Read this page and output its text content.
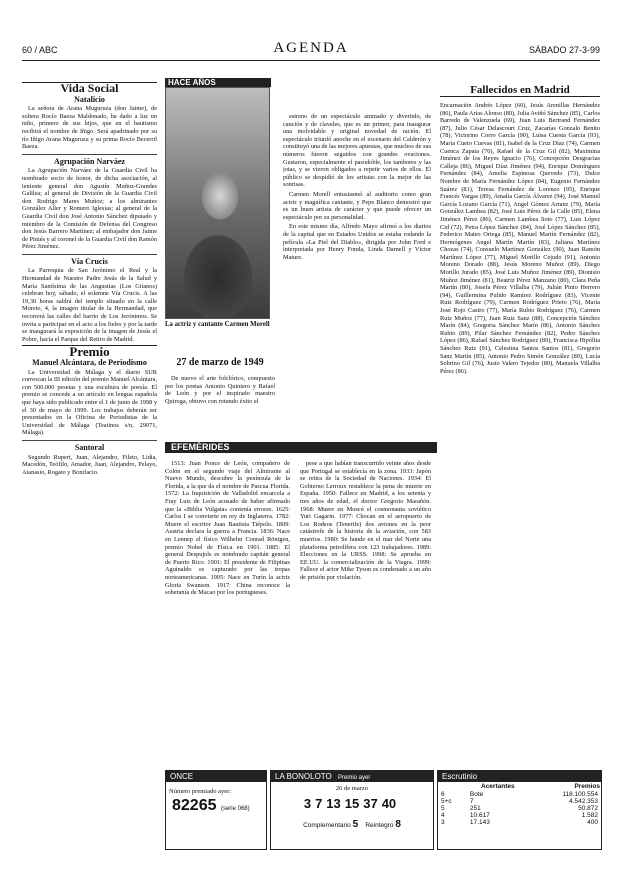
60 / ABC	AGENDA	SÁBADO 27-3-99
Vida Social
Natalicio

La señora de Arana Muguruza (don Jaime), de soltera Rocío Baeza Maldonado, ha dado a luz un niño, primero de sus hijos, que en el bautismo recibirá el nombre de Iñigo. Será apadrinado por su tío Iñigo Arana Muguruza y su prima Rocío Becerril Baeza.

Agrupación Narváez

La Agrupación Narváez de la Guardia Civil ha nombrado socio de honor, de dicha asociación, al teniente general don Agustín Muñoz-Grandes Galilea; al general de División de la Guardia Civil don Rodrigo Mares Muñoz; a los almirantes González Aller y Romero Iglesias; al general de la Guardia Civil don José Antonio Sánchez diputado y miembro de la Comisión de Defensa del Congreso don Jesús Barrero Martínez; al embajador don Jaime de Piniés y al coronel de la Guardia Civil don Ramón Pérez Jiménez.

Vía Crucis

La Parroquia de San Jerónimo el Real y la Hermandad de Nuestro Padre Jesús de la Salud y María Santísima de las Angustias (Los Gitanos) celebran hoy, sábado, el solemne Vía Crucis. A las 19,30 horas saldrá del templo situado en la calle Moreto, 4, la imagen titular de la Hermandad, que recorrerá las calles del barrio de Los Jerónimos. Se invita a participar en el acto a los fieles y por la tarde se inaugurará la exposición de la imagen de Jesús el Pobre, hacia el Parque del Retiro de Madrid.

Premio
Manuel Alcántara, de Periodismo

La Universidad de Málaga y el diario SUR convocan la III edición del premio Manuel Alcántara, con 500.000 pesetas y una escultura de poesía. El premio se concede a un artículo en lengua española que haya sido publicado entre el 1 de junio de 1998 y el 30 de mayo de 1999. Los trabajos deberán ser presentados en la Oficina de Periodistas de la Universidad de Málaga (Teatinos s/n, 29071, Málaga).

Santoral

Segundo Rupert, Juan, Alejandro, Fileto, Lidia, Macedón, Teófilo, Amador, Juan, Alejandro, Pelayo, Atanasio, Rogato y Bonifacio.

HACE AÑOS
La actriz y cantante Carmen Morell
27 de marzo de 1949

De nuevo el arte folclórico, compuesto por los poetas Antonio Quintero y Rafael de León y por el inspirado maestro Quiroga, obtuvo con rotundo éxito el

estreno de un espectáculo animado y divertido, de canción y de claveles, que es un primor, para inaugurar una inolvidable y original novedad de ración. El espectáculo triunfó anoche en el escenario del Calderón y constituyó una de las mejores apuestas, que muchos de sus números fueron seguidos con grandes ovaciones. Gustaron, especialmente el pasodoble, los tambores y las jotas, y se vieron obligados a repetir varios de ellos. El público se despidió de los artistas con la mejor de las sonrisas.

Carmen Morell entusiasmó al auditorio como gran actriz y magnífica cantante, y Pepe Blanco demostró que es un buen artista de carácter y que puede ofrecer un espectáculo por su personalidad.

En este mismo día, Alfredo Mayo afirmó a los diarios de la capital que en Estados Unidos se estaba rodando la película «La Piel del Diablo», dirigida por John Ford e interpretada por Henry Fonda, Linda Darnell y Víctor Mature.

EFEMÉRIDES

1513: Juan Ponce de León, compañero de Colón en el segundo viaje del Almirante al Nuevo Mundo, descubre la península de la Florida, a la que da el nombre de Pascua Florida. 1572: La Inquisición de Valladolid encarcela a Fray Luis de León acusado de haber afirmado que la «Biblia Vulgata» contenía errores. 1625: Carlos I se convierte en rey de Inglaterra. 1782: Muere el escritor Juan Bautista Tiépolo. 1809: Austria declara la guerra a Francia. 1836: Nace en Lennep el físico Wilhelm Conrad Röntgen, premio Nobel de Física en 1901. 1885: El general Despujols es nombrado capitán general de Puerto Rico. 1901: El presidente de Filipinas Aguinaldo es capturado por las tropas norteamericanas. 1905: Nace en Turín la actriz Gloria Swanson. 1917: China reconoce la soberanía de Macao por los portugueses.

pese a que habían transcurrido veinte años desde que Portugal se establecía en la zona. 1933: Japón se retira de la Sociedad de Naciones. 1934: El Gobierno Lerroux restablece la pena de muerte en España. 1950: Fallece en Madrid, a los setenta y tres años de edad, el doctor Gregorio Marañón. 1968: Muere en Moscú el cosmonauta soviético Yuri Gagarin. 1977: Chocan en el aeropuerto de Los Rodeos (Tenerife) dos aviones en la peor catástrofe de la historia de la aviación, con 583 muertos. 1980: Se hunde en el mar del Norte una plataforma petrolífera con 123 trabajadores. 1989: Elecciones en la URSS. 1998: Se aprueba en EE.UU. la comercialización de la Viagra. 1999: Fallece el actor Mike Tyson es condenado a un año de prisión por violación.

Fallecidos en Madrid

Encarnación Andrés López (60), Jesús Arenillas Hernández (86), Paula Arias Alonso (80), Julia Aviñó Sánchez (85), Carlos Barredo de Valenzuela (69), Juan Luis Bertrand Fernández (87), Julio César Delascourt Cruz, Zacarías Gonzalo Benito (78), Victorino Corro García (90), Luisa Cuesta García (93), María Cueto Cuevas (81), Isabel de la Cruz Díaz (74), Carmen Cuenca Zapata (70), Rafael de la Cruz Gil (82), Maximina Jiménez de los Reyes Ignacio (76), Concepción Desgracias Calleja (86), Miguel Díaz Jiménez (94), Enrique Domínguez Fernández (84), Amelia Espinosa Quevedo (73), Dulce Nombre de María Fernández López (84), Eugenio Fernández Suárez (81), Teresa Fernández de Lorenzo (95), Enrique Francés Vargas (89), Amalia García Álvarez (94), José Manuel García Lozano García (71), Angel Gómez Arranz (79), María González Lambea (82), José Luis Pérez de la Calle (85), Elena Jiménez Pérez (86), Carmen Lambea Soto (77), Luis López Cid (72), Petra López Sánchez (84), José López Sánchez (85), Federico Mateo Ortega (85), Manuel Martín Fernández (82), Hermógenes Angel Martín Martín (83), Juliana Martínez Chozas (74), Consuelo Martínez González (90), Juan Ramón Martínez López (77), Miguel Morillo Cejudo (91), Antonio Moreno Dorado (88), Jesús Moreno Muñoz (89), Diego Morillo Jurado (85), José Luis Muñoz Jiménez (89), Dionisio Muñoz Jiménez (81), Beatriz Pérez Manzano (80), Clara Peña Martín (80), Josefa Pérez Villalba (79), Julián Pinto Herrero (94), Guillermina Pulido Ramírez Rodríguez (83), Vicente Ruiz Rodríguez (79), Carmen Rodríguez Prieto (76), María José Rojo Castro (77), María Rubio Rodríguez (76), Carmen Ruiz Muñoz (77), Juan Ruiz Sanz (88), Concepción Sánchez Marín (84), Gregoria Sánchez Marín (86), Antonio Sánchez Rubio (89), Pilar Sánchez Fernández (82), Pedro Sánchez López (86), Rafael Sánchez Rodríguez (89), Francisca Hipólita Sánchez Ruiz (91), Celestina Santos Santos (81), Gregorio Sanz Martín (85), Antonio Pedro Simón González (89), Lucía Sobrino Gil (76), Justo Valero Tejedor (80), Manuela Villalba Pérez (86).

ONCE
Número premiado ayer:
82265 (serie 068)
LA BONOLOTO Premio ayer
26 de marzo
3 7 13 15 37 40
Complementario 5 Reintegro 8
Escrutinio
	Acertantes	Premios
6	Bote	118.100.554
5+c	7	4.542.353
5	251	50.872
4	10.617	1.582
3	17.143	400
